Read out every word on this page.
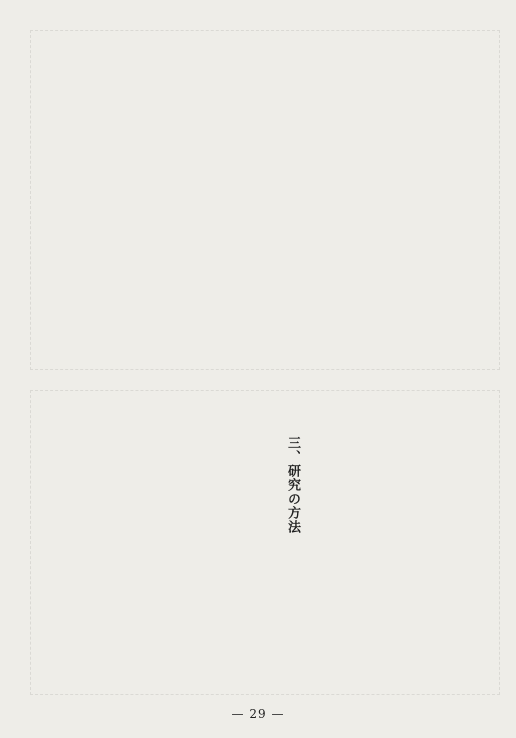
三、研究の方法
— 29 —
